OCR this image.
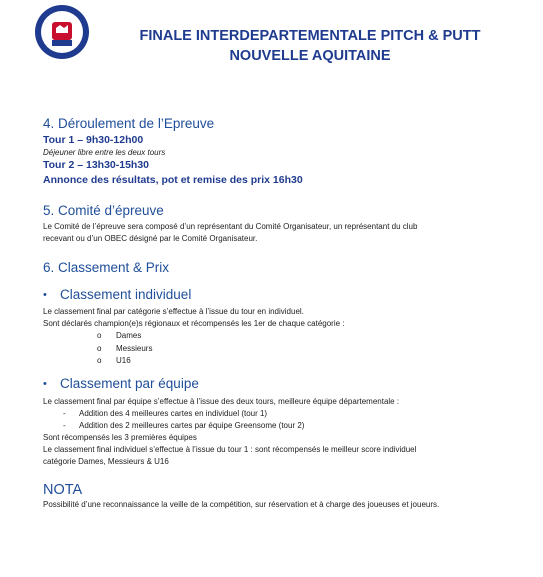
FINALE INTERDEPARTEMENTALE PITCH & PUTT
NOUVELLE AQUITAINE
4. Déroulement de l’Epreuve
Tour 1 – 9h30-12h00
Déjeuner libre entre les deux tours
Tour 2 – 13h30-15h30
Annonce des résultats, pot et remise des prix 16h30
5. Comité d’épreuve
Le Comité de l’épreuve sera composé d’un représentant du Comité Organisateur, un représentant du club
recevant ou d’un OBEC désigné par le Comité Organisateur.
6. Classement & Prix
• Classement individuel
Le classement final par catégorie s’effectue à l’issue du tour en individuel.
Sont déclarés champion(e)s régionaux et récompensés les 1er de chaque catégorie :
o Dames
o Messieurs
o U16
• Classement par équipe
Le classement final par équipe s’effectue à l’issue des deux tours, meilleure équipe départementale :
- Addition des 4 meilleures cartes en individuel (tour 1)
- Addition des 2 meilleures cartes par équipe Greensome (tour 2)
Sont récompensés les 3 premières équipes
Le classement final individuel s’effectue à l’issue du tour 1 : sont récompensés le meilleur score individuel
catégorie Dames, Messieurs & U16
NOTA
Possibilité d’une reconnaissance la veille de la compétition, sur réservation et à charge des joueuses et joueurs.
